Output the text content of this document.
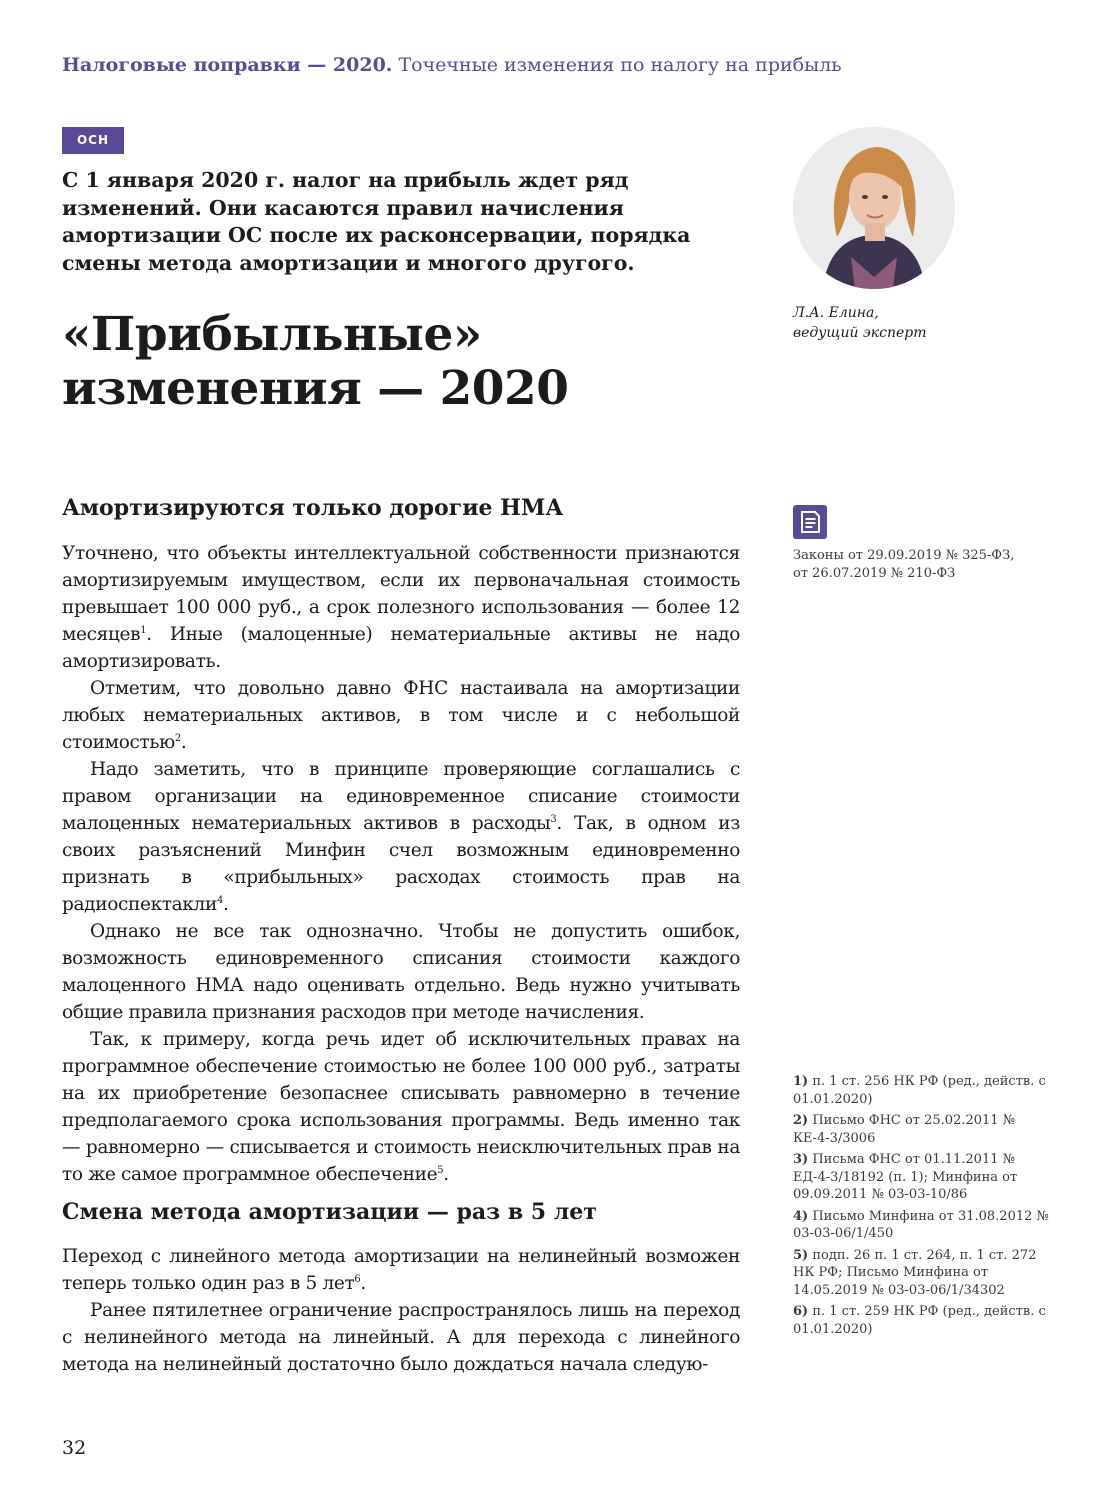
Налоговые поправки — 2020. Точечные изменения по налогу на прибыль
ОСН
С 1 января 2020 г. налог на прибыль ждет ряд изменений. Они касаются правил начисления амортизации ОС после их расконсервации, порядка смены метода амортизации и многого другого.
«Прибыльные»
изменения — 2020
Л.А. Елина,
ведущий эксперт
Амортизируются только дорогие НМА

Уточнено, что объекты интеллектуальной собственности признаются амортизируемым имуществом, если их первоначальная стоимость превышает 100 000 руб., а срок полезного использования — более 12 месяцев$^1$. Иные (малоценные) нематериальные активы не надо амортизировать.

Отметим, что довольно давно ФНС настаивала на амортизации любых нематериальных активов, в том числе и с небольшой стоимостью$^2$.

Надо заметить, что в принципе проверяющие соглашались с правом организации на единовременное списание стоимости малоценных нематериальных активов в расходы$^3$. Так, в одном из своих разъяснений Минфин счел возможным единовременно признать в «прибыльных» расходах стоимость прав на радиоспектакли$^4$.

Однако не все так однозначно. Чтобы не допустить ошибок, возможность единовременного списания стоимости каждого малоценного НМА надо оценивать отдельно. Ведь нужно учитывать общие правила признания расходов при методе начисления.

Так, к примеру, когда речь идет об исключительных правах на программное обеспечение стоимостью не более 100 000 руб., затраты на их приобретение безопаснее списывать равномерно в течение предполагаемого срока использования программы. Ведь именно так — равномерно — списывается и стоимость неисключительных прав на то же самое программное обеспечение$^5$.

Смена метода амортизации — раз в 5 лет

Переход с линейного метода амортизации на нелинейный возможен теперь только один раз в 5 лет$^6$.

Ранее пятилетнее ограничение распространялось лишь на переход с нелинейного метода на линейный. А для перехода с линейного метода на нелинейный достаточно было дождаться начала следую-

Законы от 29.09.2019 № 325-ФЗ, от 26.07.2019 № 210-ФЗ
1) п. 1 ст. 256 НК РФ (ред., действ. с 01.01.2020)
2) Письмо ФНС от 25.02.2011 № КЕ-4-3/3006
3) Письма ФНС от 01.11.2011 № ЕД-4-3/18192 (п. 1); Минфина от 09.09.2011 № 03-03-10/86
4) Письмо Минфина от 31.08.2012 № 03-03-06/1/450
5) подп. 26 п. 1 ст. 264, п. 1 ст. 272 НК РФ; Письмо Минфина от 14.05.2019 № 03-03-06/1/34302
6) п. 1 ст. 259 НК РФ (ред., действ. с 01.01.2020)
32
